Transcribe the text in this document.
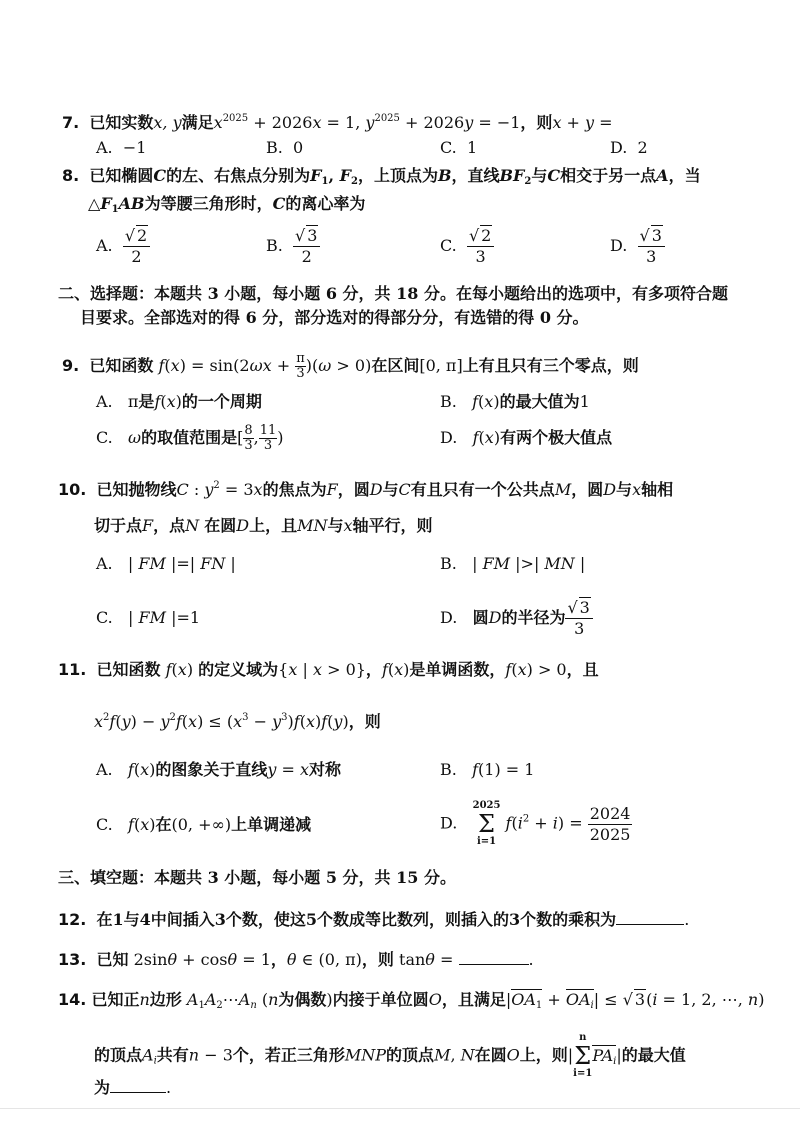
7. 已知实数x, y满足$x^{2025} + 2026x = 1$, $y^{2025} + 2026y = -1$，则x + y =
A. −1	B. 0	C. 1	D. 2
8. 已知椭圆C的左、右焦点分别为$F_1$, $F_2$，上顶点为B，直线$BF_2$与C相交于另一点A，当
$\triangle F_1AB$为等腰三角形时，C的离心率为
A. $\frac{√ 2}{2}$	B. $\frac{√ 3}{2}$	C. $\frac{√ 2}{3}$	D. $\frac{√ 3}{3}$
二、选择题：本题共 3 小题，每小题 6 分，共 18 分。在每小题给出的选项中，有多项符合题
目要求。全部选对的得 6 分，部分选对的得部分分，有选错的得 0 分。
9. 已知函数 $f(x) = \sin(2\omega x + \frac{\pi}{3} )(\omega > 0)$在区间[0, π]上有且只有三个零点，则
A.   π是f(x)的一个周期	B. f(x)的最大值为1
C. ω的取值范围是[ $\frac{8}{3}$ , $\frac{11}{3}$ )	D. f(x)有两个极大值点
10. 已知抛物线C : $y^2 = 3x$的焦点为F，圆D与C有且只有一个公共点M，圆D与x轴相
切于点F，点N 在圆D上，且MN与x轴平行，则
A.   | FM |=| FN |	B.   | FM |>| MN |
C.   | FM |=1	D. 圆D的半径为 $\frac{√ 3}{3}$
11. 已知函数 f(x) 的定义域为{x | x > 0}，f(x)是单调函数，f(x) > 0，且
$x^2f(y) - y^2f(x) \le (x^3 - y^3)f(x)f(y)$，则
A. f(x)的图象关于直线y = x对称	B. f(1) = 1
C. f(x)在(0, +∞)上单调递减	D.
2025
Σ
i=1
$f(i^2 + i) = \frac{2024}{2025}$
三、填空题：本题共 3 小题，每小题 5 分，共 15 分。
12. 在1与4中间插入3个数，使这5个数成等比数列，则插入的3个数的乘积为	.
13. 已知 2sinθ + cosθ = 1，θ ∈ (0, π)，则 tanθ =	.
14. 已知正n边形 $A_1A_2\cdots A_n$ (n为偶数)内接于单位圆O，且满足$|OA_1 + OA_i|$ ≤ √ 3(i = 1, 2, ⋯, n)
的顶点$A_i$共有n − 3个，若正三角形MNP的顶点M, N在圆O上，则|
n
Σ
i=1
$PA_i|$的最大值
为	.
